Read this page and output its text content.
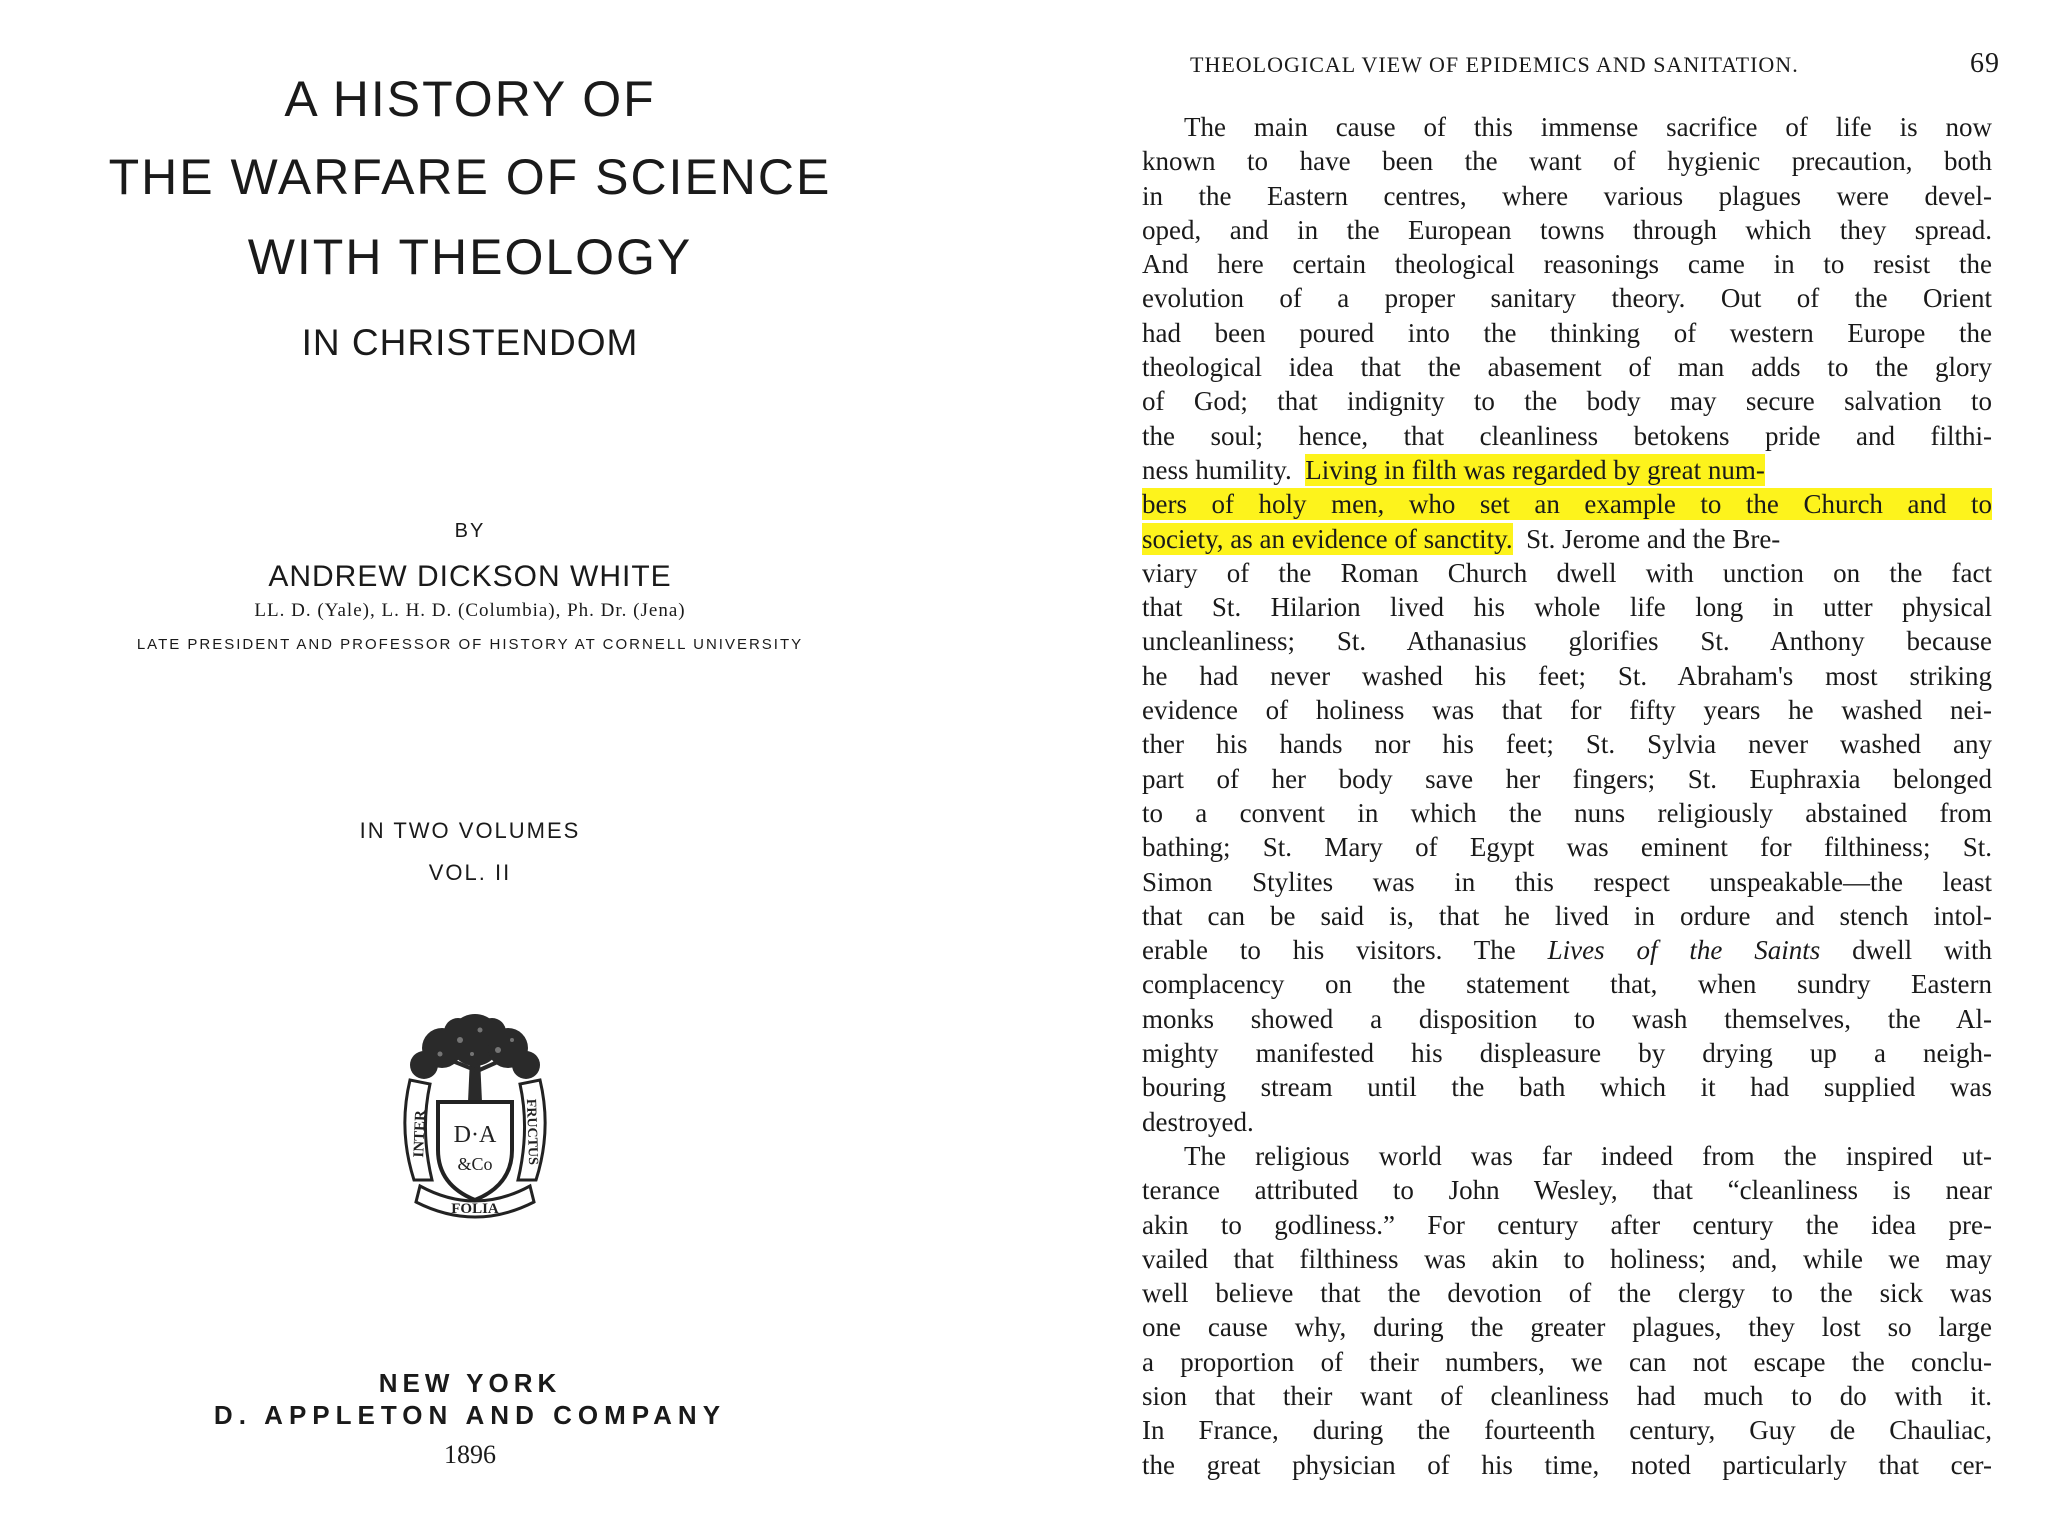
A HISTORY OF
THE WARFARE OF SCIENCE
WITH THEOLOGY
IN CHRISTENDOM
BY
ANDREW DICKSON WHITE
LL. D. (Yale), L. H. D. (Columbia), Ph. Dr. (Jena)
LATE PRESIDENT AND PROFESSOR OF HISTORY AT CORNELL UNIVERSITY
IN TWO VOLUMES
VOL. II
D·A
&Co
INTER	FRUCTUS
FOLIA
NEW YORK
D. APPLETON AND COMPANY
1896
THEOLOGICAL VIEW OF EPIDEMICS AND SANITATION.	69
The main cause of this immense sacrifice of life is now
known to have been the want of hygienic precaution, both
in the Eastern centres, where various plagues were devel-
oped, and in the European towns through which they spread.
And here certain theological reasonings came in to resist the
evolution of a proper sanitary theory. Out of the Orient
had been poured into the thinking of western Europe the
theological idea that the abasement of man adds to the glory
of God; that indignity to the body may secure salvation to
the soul; hence, that cleanliness betokens pride and filthi-
ness humility. Living in filth was regarded by great num-
bers of holy men, who set an example to the Church and to
society, as an evidence of sanctity. St. Jerome and the Bre-
viary of the Roman Church dwell with unction on the fact
that St. Hilarion lived his whole life long in utter physical
uncleanliness; St. Athanasius glorifies St. Anthony because
he had never washed his feet; St. Abraham's most striking
evidence of holiness was that for fifty years he washed nei-
ther his hands nor his feet; St. Sylvia never washed any
part of her body save her fingers; St. Euphraxia belonged
to a convent in which the nuns religiously abstained from
bathing; St. Mary of Egypt was eminent for filthiness; St.
Simon Stylites was in this respect unspeakable—the least
that can be said is, that he lived in ordure and stench intol-
erable to his visitors. The Lives of the Saints dwell with
complacency on the statement that, when sundry Eastern
monks showed a disposition to wash themselves, the Al-
mighty manifested his displeasure by drying up a neigh-
bouring stream until the bath which it had supplied was
destroyed.
The religious world was far indeed from the inspired ut-
terance attributed to John Wesley, that “cleanliness is near
akin to godliness.” For century after century the idea pre-
vailed that filthiness was akin to holiness; and, while we may
well believe that the devotion of the clergy to the sick was
one cause why, during the greater plagues, they lost so large
a proportion of their numbers, we can not escape the conclu-
sion that their want of cleanliness had much to do with it.
In France, during the fourteenth century, Guy de Chauliac,
the great physician of his time, noted particularly that cer-
